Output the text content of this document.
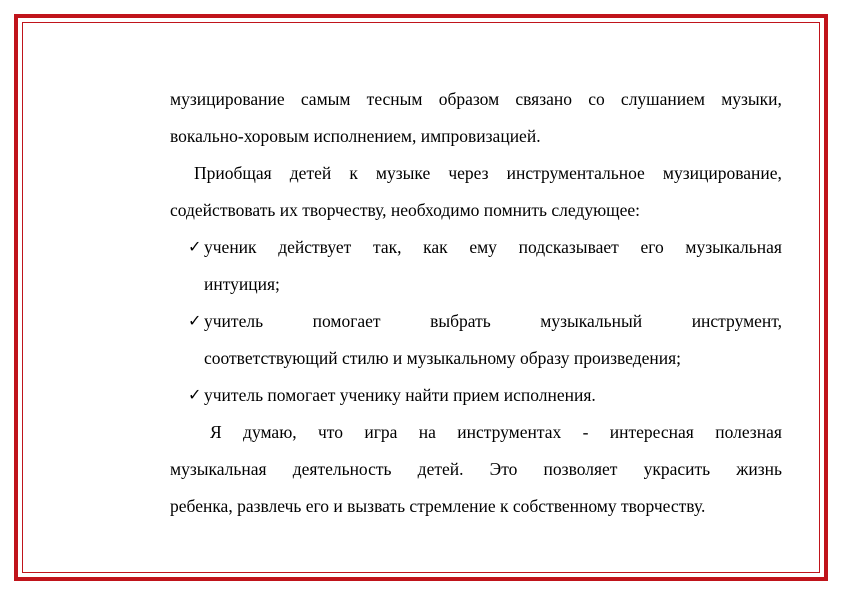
музицирование самым тесным образом связано со слушанием музыки,
вокально-хоровым исполнением, импровизацией.
Приобщая детей к музыке через инструментальное музицирование,
содействовать их творчеству, необходимо помнить следующее:
✓ ученик действует так, как ему подсказывает его музыкальная
интуиция;
✓ учитель	помогает	выбрать	музыкальный	инструмент,
соответствующий стилю и музыкальному образу произведения;
✓ учитель помогает ученику найти прием исполнения.
Я думаю, что игра на инструментах - интересная полезная
музыкальная деятельность детей. Это позволяет украсить жизнь
ребенка, развлечь его и вызвать стремление к собственному творчеству.
